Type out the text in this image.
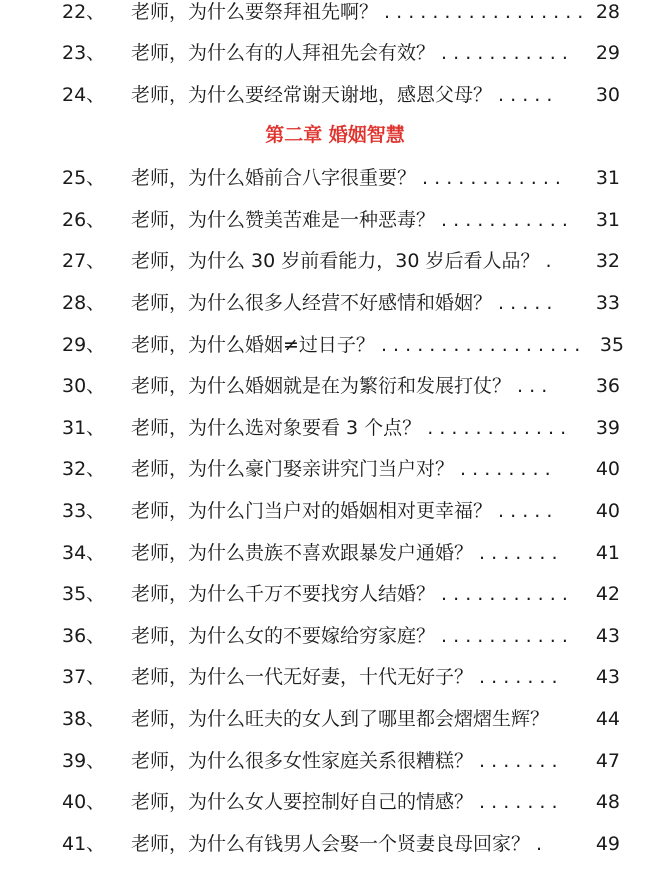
22、 老师，为什么要祭拜祖先啊？ . . . . . . . . . . . . . . . . . 28
23、 老师，为什么有的人拜祖先会有效？ . . . . . . . . . . . 29
24、 老师，为什么要经常谢天谢地，感恩父母？ . . . . . 30
第二章 婚姻智慧
25、 老师，为什么婚前合八字很重要？ . . . . . . . . . . . . 31
26、 老师，为什么赞美苦难是一种恶毒？ . . . . . . . . . . . 31
27、 老师，为什么 30 岁前看能力，30 岁后看人品？ . 32
28、 老师，为什么很多人经营不好感情和婚姻？ . . . . . 33
29、 老师，为什么婚姻≠过日子？ . . . . . . . . . . . . . . . . . 35
30、 老师，为什么婚姻就是在为繁衍和发展打仗？ . . .	36
31、 老师，为什么选对象要看 3 个点？ . . . . . . . . . . . . 39
32、 老师，为什么豪门娶亲讲究门当户对？ . . . . . . . . 40
33、 老师，为什么门当户对的婚姻相对更幸福？ . . . . . 40
34、 老师，为什么贵族不喜欢跟暴发户通婚？ . . . . . . . 41
35、 老师，为什么千万不要找穷人结婚？ . . . . . . . . . . . 42
36、 老师，为什么女的不要嫁给穷家庭？ . . . . . . . . . . . 43
37、 老师，为什么一代无好妻，十代无好子？ . . . . . . . 43
38、 老师，为什么旺夫的女人到了哪里都会熠熠生辉？ 44
39、 老师，为什么很多女性家庭关系很糟糕？ . . . . . . . 47
40、 老师，为什么女人要控制好自己的情感？ . . . . . . . 48
41、 老师，为什么有钱男人会娶一个贤妻良母回家？ .	49
